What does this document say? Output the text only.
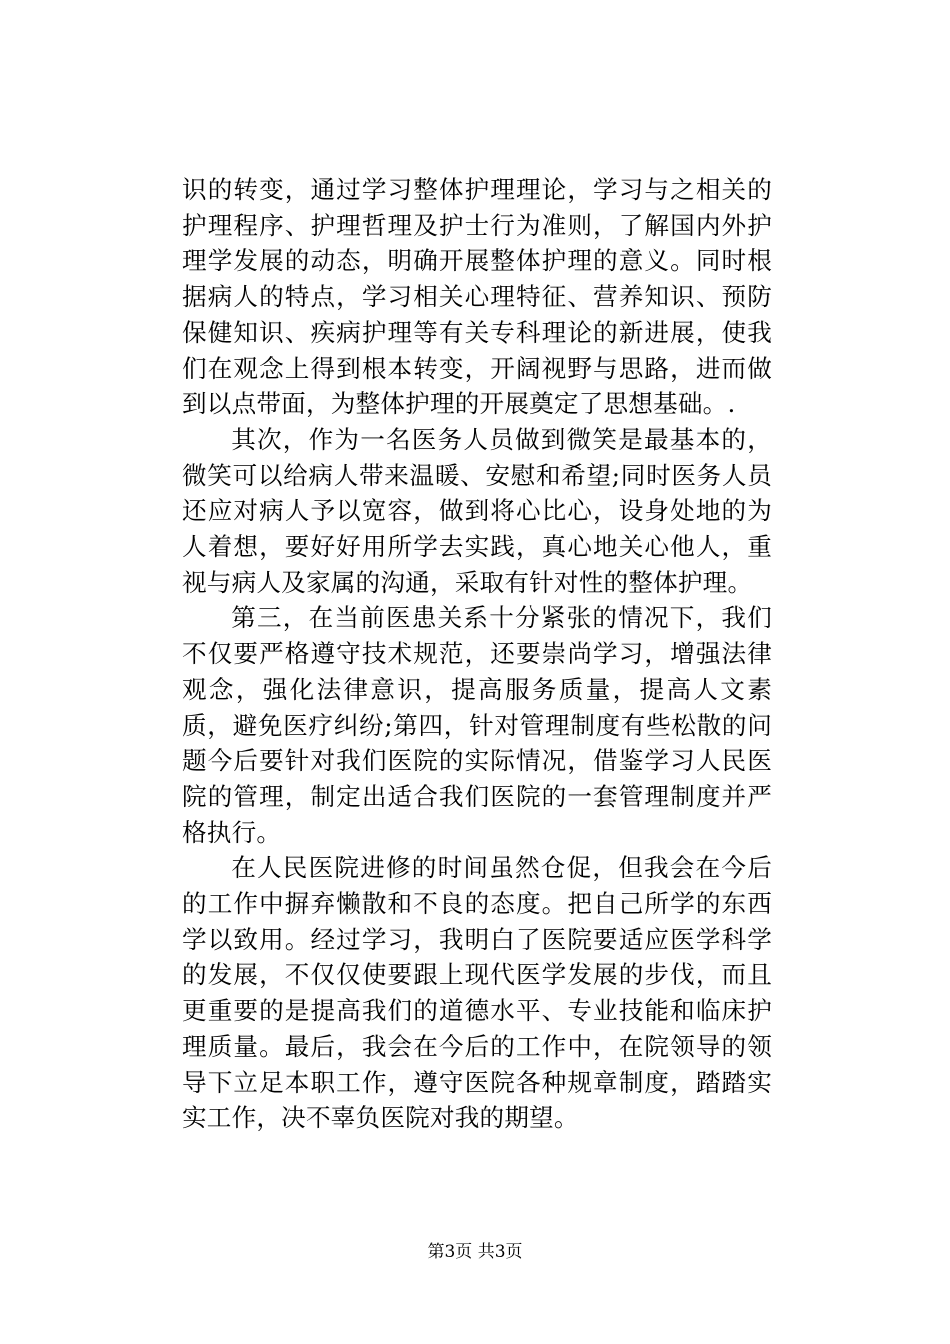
识的转变，通过学习整体护理理论，学习与之相关的护理程序、护理哲理及护士行为准则，了解国内外护理学发展的动态，明确开展整体护理的意义。同时根据病人的特点，学习相关心理特征、营养知识、预防保健知识、疾病护理等有关专科理论的新进展，使我们在观念上得到根本转变，开阔视野与思路，进而做到以点带面，为整体护理的开展奠定了思想基础。.

其次，作为一名医务人员做到微笑是最基本的，微笑可以给病人带来温暖、安慰和希望;同时医务人员还应对病人予以宽容，做到将心比心，设身处地的为人着想，要好好用所学去实践，真心地关心他人，重视与病人及家属的沟通，采取有针对性的整体护理。

第三，在当前医患关系十分紧张的情况下，我们不仅要严格遵守技术规范，还要崇尚学习，增强法律观念，强化法律意识，提高服务质量，提高人文素质，避免医疗纠纷;第四，针对管理制度有些松散的问题今后要针对我们医院的实际情况，借鉴学习人民医院的管理，制定出适合我们医院的一套管理制度并严格执行。

在人民医院进修的时间虽然仓促，但我会在今后的工作中摒弃懒散和不良的态度。把自己所学的东西学以致用。经过学习，我明白了医院要适应医学科学的发展，不仅仅使要跟上现代医学发展的步伐，而且更重要的是提高我们的道德水平、专业技能和临床护理质量。最后，我会在今后的工作中，在院领导的领导下立足本职工作，遵守医院各种规章制度，踏踏实实工作，决不辜负医院对我的期望。

第3页 共3页
